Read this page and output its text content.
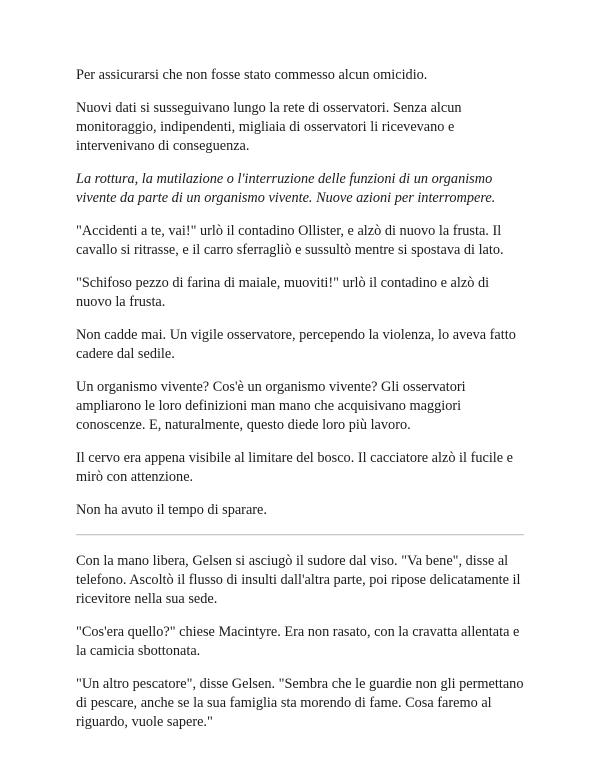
Per assicurarsi che non fosse stato commesso alcun omicidio.

Nuovi dati si susseguivano lungo la rete di osservatori. Senza alcun monitoraggio, indipendenti, migliaia di osservatori li ricevevano e intervenivano di conseguenza.

La rottura, la mutilazione o l'interruzione delle funzioni di un organismo vivente da parte di un organismo vivente. Nuove azioni per interrompere.

"Accidenti a te, vai!" urlò il contadino Ollister, e alzò di nuovo la frusta. Il cavallo si ritrasse, e il carro sferragliò e sussultò mentre si spostava di lato.

"Schifoso pezzo di farina di maiale, muoviti!" urlò il contadino e alzò di nuovo la frusta.

Non cadde mai. Un vigile osservatore, percependo la violenza, lo aveva fatto cadere dal sedile.

Un organismo vivente? Cos'è un organismo vivente? Gli osservatori ampliarono le loro definizioni man mano che acquisivano maggiori conoscenze. E, naturalmente, questo diede loro più lavoro.

Il cervo era appena visibile al limitare del bosco. Il cacciatore alzò il fucile e mirò con attenzione.

Non ha avuto il tempo di sparare.

Con la mano libera, Gelsen si asciugò il sudore dal viso. "Va bene", disse al telefono. Ascoltò il flusso di insulti dall'altra parte, poi ripose delicatamente il ricevitore nella sua sede.

"Cos'era quello?" chiese Macintyre. Era non rasato, con la cravatta allentata e la camicia sbottonata.

"Un altro pescatore", disse Gelsen. "Sembra che le guardie non gli permettano di pescare, anche se la sua famiglia sta morendo di fame. Cosa faremo al riguardo, vuole sapere."
